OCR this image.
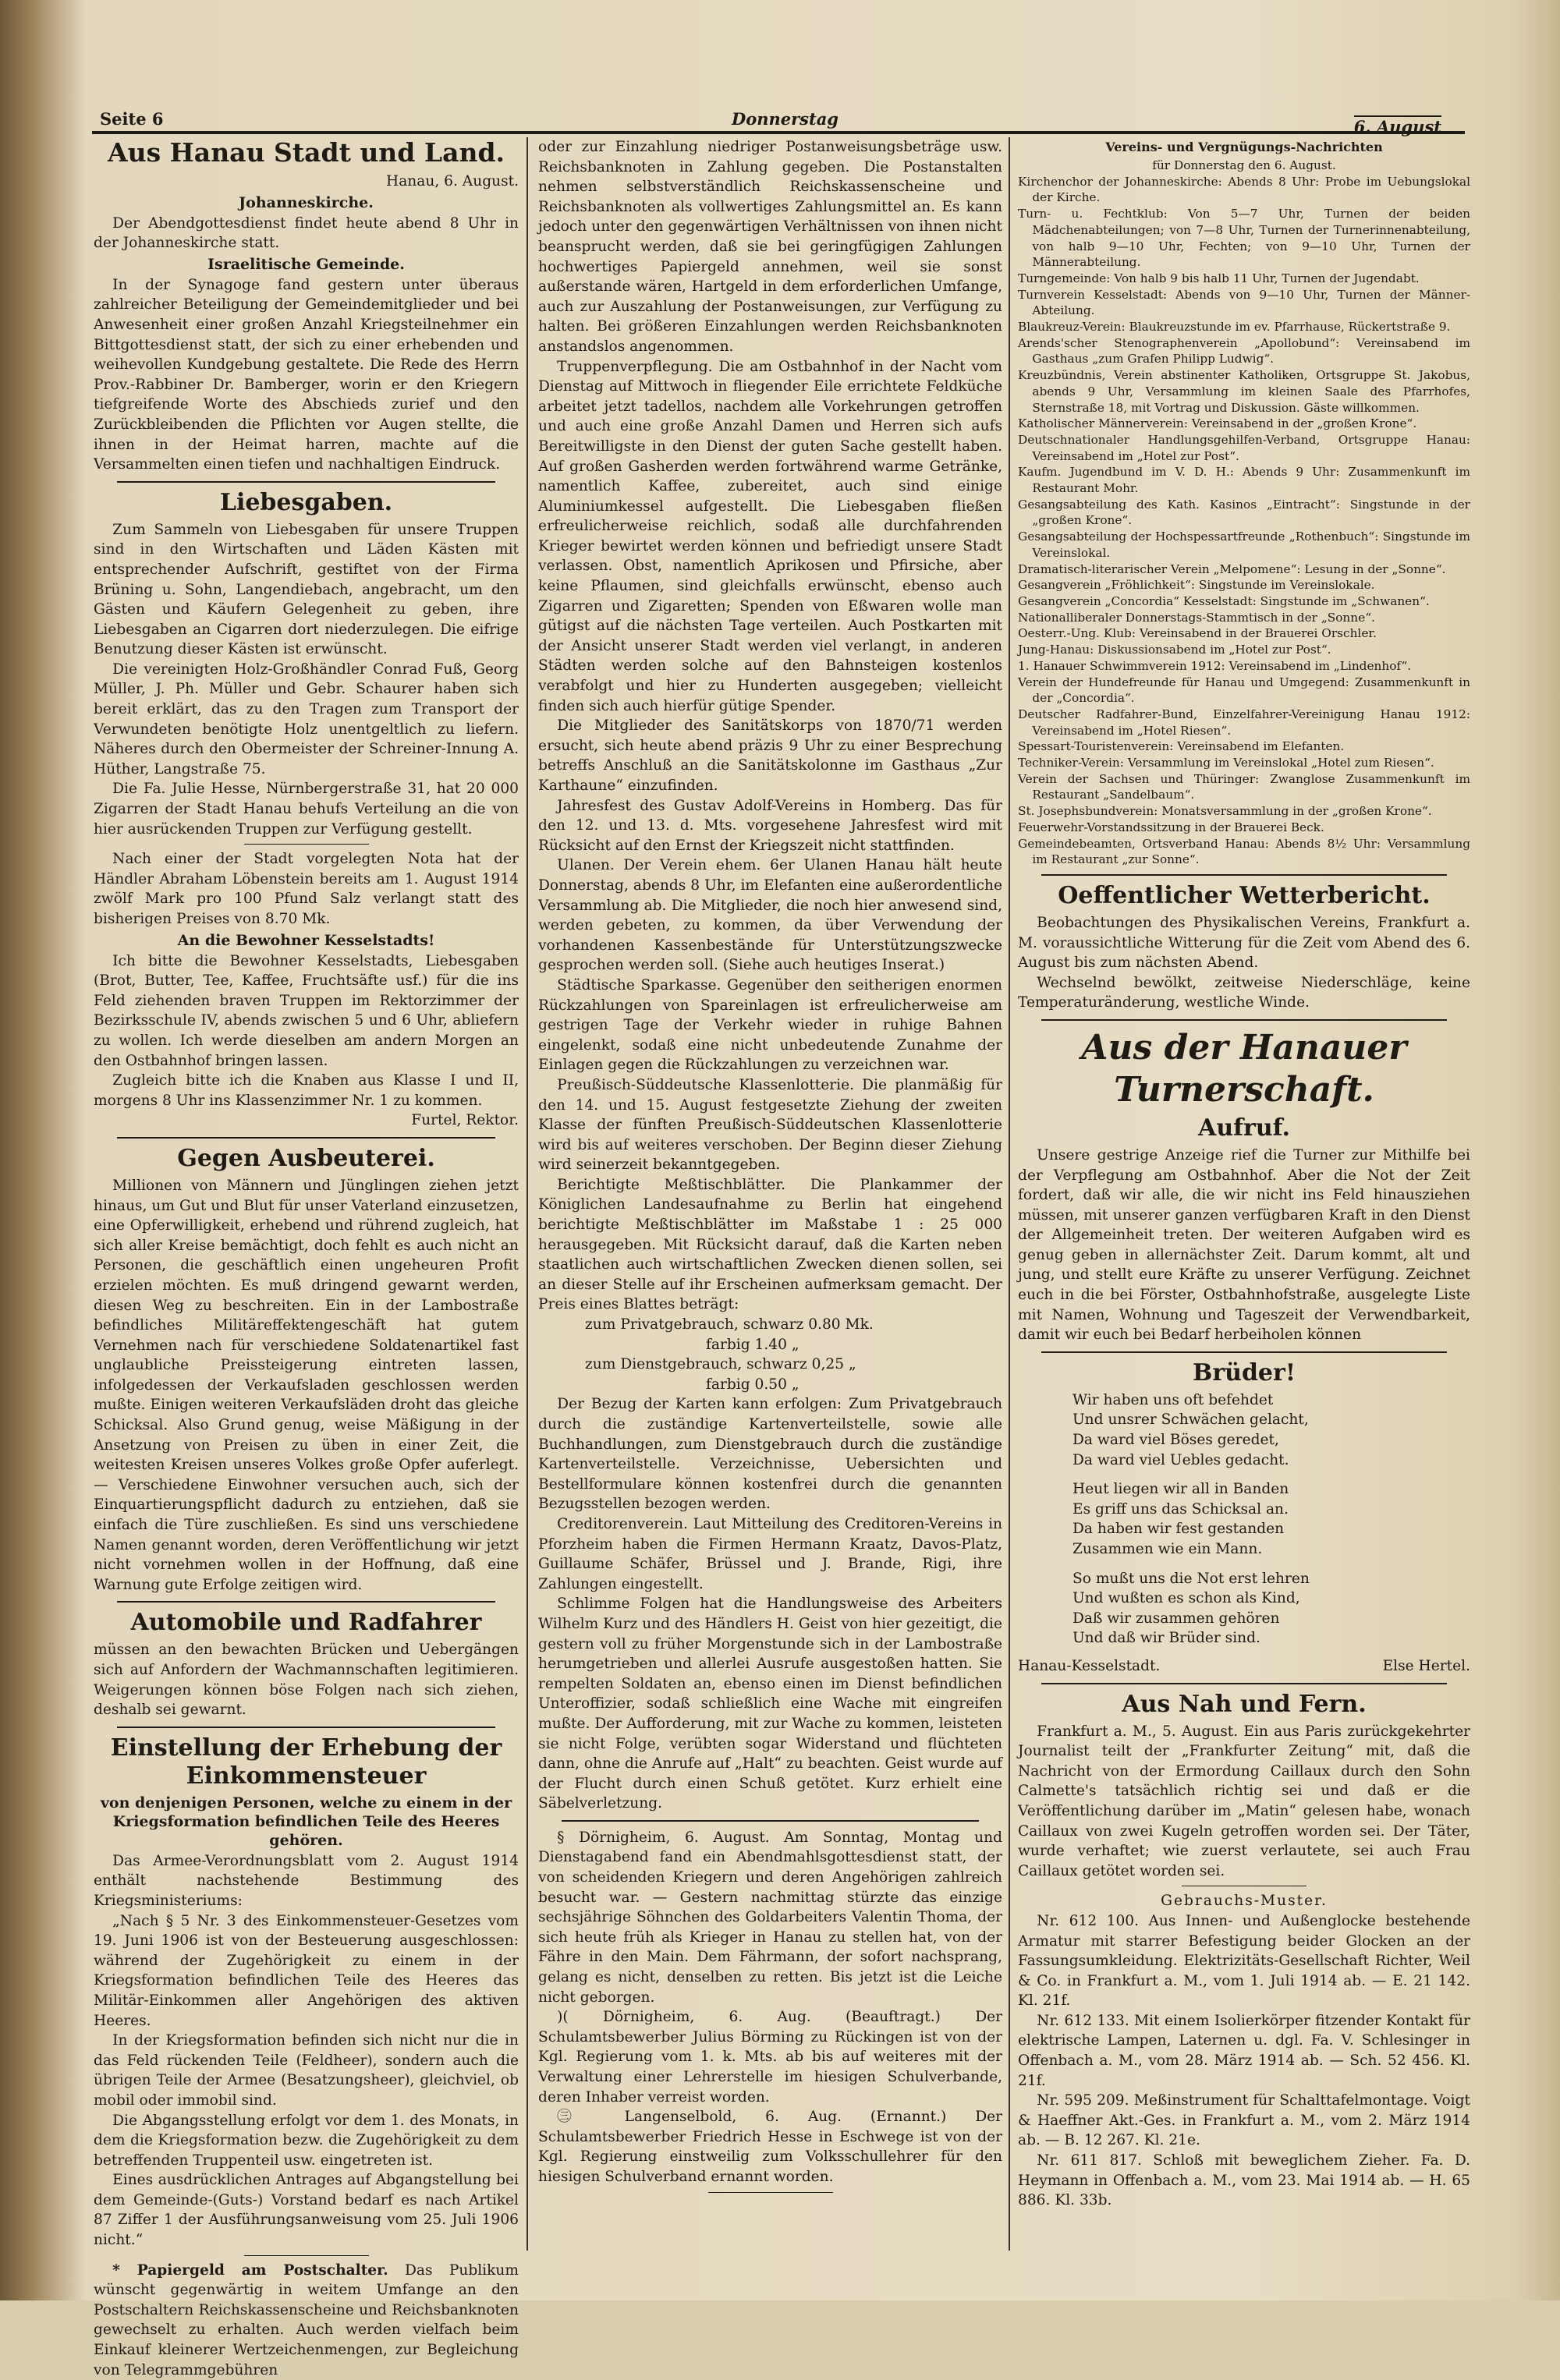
Seite 6	Donnerstag	6. August
Aus Hanau Stadt und Land.

Hanau, 6. August.

Johanneskirche.

Der Abendgottesdienst findet heute abend 8 Uhr in der Johanneskirche statt.

Israelitische Gemeinde.

In der Synagoge fand gestern unter überaus zahlreicher Beteiligung der Gemeindemitglieder und bei Anwesenheit einer großen Anzahl Kriegsteilnehmer ein Bittgottesdienst statt, der sich zu einer erhebenden und weihevollen Kundgebung gestaltete. Die Rede des Herrn Prov.-Rabbiner Dr. Bamberger, worin er den Kriegern tiefgreifende Worte des Abschieds zurief und den Zurückbleibenden die Pflichten vor Augen stellte, die ihnen in der Heimat harren, machte auf die Versammelten einen tiefen und nachhaltigen Eindruck.

Liebesgaben.

Zum Sammeln von Liebesgaben für unsere Truppen sind in den Wirtschaften und Läden Kästen mit entsprechender Aufschrift, gestiftet von der Firma Brüning u. Sohn, Langendiebach, angebracht, um den Gästen und Käufern Gelegenheit zu geben, ihre Liebesgaben an Cigarren dort niederzulegen. Die eifrige Benutzung dieser Kästen ist erwünscht.

Die vereinigten Holz-Großhändler Conrad Fuß, Georg Müller, J. Ph. Müller und Gebr. Schaurer haben sich bereit erklärt, das zu den Tragen zum Transport der Verwundeten benötigte Holz unentgeltlich zu liefern. Näheres durch den Obermeister der Schreiner-Innung A. Hüther, Langstraße 75.

Die Fa. Julie Hesse, Nürnbergerstraße 31, hat 20 000 Zigarren der Stadt Hanau behufs Verteilung an die von hier ausrückenden Truppen zur Verfügung gestellt.

Nach einer der Stadt vorgelegten Nota hat der Händler Abraham Löbenstein bereits am 1. August 1914 zwölf Mark pro 100 Pfund Salz verlangt statt des bisherigen Preises von 8.70 Mk.

An die Bewohner Kesselstadts!

Ich bitte die Bewohner Kesselstadts, Liebesgaben (Brot, Butter, Tee, Kaffee, Fruchtsäfte usf.) für die ins Feld ziehenden braven Truppen im Rektorzimmer der Bezirksschule IV, abends zwischen 5 und 6 Uhr, abliefern zu wollen. Ich werde dieselben am andern Morgen an den Ostbahnhof bringen lassen.

Zugleich bitte ich die Knaben aus Klasse I und II, morgens 8 Uhr ins Klassenzimmer Nr. 1 zu kommen.

Furtel, Rektor.

Gegen Ausbeuterei.

Millionen von Männern und Jünglingen ziehen jetzt hinaus, um Gut und Blut für unser Vaterland einzusetzen, eine Opferwilligkeit, erhebend und rührend zugleich, hat sich aller Kreise bemächtigt, doch fehlt es auch nicht an Personen, die geschäftlich einen ungeheuren Profit erzielen möchten. Es muß dringend gewarnt werden, diesen Weg zu beschreiten. Ein in der Lambostraße befindliches Militäreffektengeschäft hat gutem Vernehmen nach für verschiedene Soldatenartikel fast unglaubliche Preissteigerung eintreten lassen, infolgedessen der Verkaufsladen geschlossen werden mußte. Einigen weiteren Verkaufsläden droht das gleiche Schicksal. Also Grund genug, weise Mäßigung in der Ansetzung von Preisen zu üben in einer Zeit, die weitesten Kreisen unseres Volkes große Opfer auferlegt. — Verschiedene Einwohner versuchen auch, sich der Einquartierungspflicht dadurch zu entziehen, daß sie einfach die Türe zuschließen. Es sind uns verschiedene Namen genannt worden, deren Veröffentlichung wir jetzt nicht vornehmen wollen in der Hoffnung, daß eine Warnung gute Erfolge zeitigen wird.

Automobile und Radfahrer

müssen an den bewachten Brücken und Uebergängen sich auf Anfordern der Wachmannschaften legitimieren. Weigerungen können böse Folgen nach sich ziehen, deshalb sei gewarnt.

Einstellung der Erhebung der Einkommensteuer
von denjenigen Personen, welche zu einem in der Kriegsformation befindlichen Teile des Heeres gehören.

Das Armee-Verordnungsblatt vom 2. August 1914 enthält nachstehende Bestimmung des Kriegsministeriums:

„Nach § 5 Nr. 3 des Einkommensteuer-Gesetzes vom 19. Juni 1906 ist von der Besteuerung ausgeschlossen: während der Zugehörigkeit zu einem in der Kriegsformation befindlichen Teile des Heeres das Militär-Einkommen aller Angehörigen des aktiven Heeres.

In der Kriegsformation befinden sich nicht nur die in das Feld rückenden Teile (Feldheer), sondern auch die übrigen Teile der Armee (Besatzungsheer), gleichviel, ob mobil oder immobil sind.

Die Abgangsstellung erfolgt vor dem 1. des Monats, in dem die Kriegsformation bezw. die Zugehörigkeit zu dem betreffenden Truppenteil usw. eingetreten ist.

Eines ausdrücklichen Antrages auf Abgangstellung bei dem Gemeinde-(Guts-) Vorstand bedarf es nach Artikel 87 Ziffer 1 der Ausführungsanweisung vom 25. Juli 1906 nicht.“

* Papiergeld am Postschalter. Das Publikum wünscht gegenwärtig in weitem Umfange an den Postschaltern Reichskassenscheine und Reichsbanknoten gewechselt zu erhalten. Auch werden vielfach beim Einkauf kleinerer Wertzeichenmengen, zur Begleichung von Telegrammgebühren

oder zur Einzahlung niedriger Postanweisungsbeträge usw. Reichsbanknoten in Zahlung gegeben. Die Postanstalten nehmen selbstverständlich Reichskassenscheine und Reichsbanknoten als vollwertiges Zahlungsmittel an. Es kann jedoch unter den gegenwärtigen Verhältnissen von ihnen nicht beansprucht werden, daß sie bei geringfügigen Zahlungen hochwertiges Papiergeld annehmen, weil sie sonst außerstande wären, Hartgeld in dem erforderlichen Umfange, auch zur Auszahlung der Postanweisungen, zur Verfügung zu halten. Bei größeren Einzahlungen werden Reichsbanknoten anstandslos angenommen.

Truppenverpflegung. Die am Ostbahnhof in der Nacht vom Dienstag auf Mittwoch in fliegender Eile errichtete Feldküche arbeitet jetzt tadellos, nachdem alle Vorkehrungen getroffen und auch eine große Anzahl Damen und Herren sich aufs Bereitwilligste in den Dienst der guten Sache gestellt haben. Auf großen Gasherden werden fortwährend warme Getränke, namentlich Kaffee, zubereitet, auch sind einige Aluminiumkessel aufgestellt. Die Liebesgaben fließen erfreulicherweise reichlich, sodaß alle durchfahrenden Krieger bewirtet werden können und befriedigt unsere Stadt verlassen. Obst, namentlich Aprikosen und Pfirsiche, aber keine Pflaumen, sind gleichfalls erwünscht, ebenso auch Zigarren und Zigaretten; Spenden von Eßwaren wolle man gütigst auf die nächsten Tage verteilen. Auch Postkarten mit der Ansicht unserer Stadt werden viel verlangt, in anderen Städten werden solche auf den Bahnsteigen kostenlos verabfolgt und hier zu Hunderten ausgegeben; vielleicht finden sich auch hierfür gütige Spender.

Die Mitglieder des Sanitätskorps von 1870/71 werden ersucht, sich heute abend präzis 9 Uhr zu einer Besprechung betreffs Anschluß an die Sanitätskolonne im Gasthaus „Zur Karthaune“ einzufinden.

Jahresfest des Gustav Adolf-Vereins in Homberg. Das für den 12. und 13. d. Mts. vorgesehene Jahresfest wird mit Rücksicht auf den Ernst der Kriegszeit nicht stattfinden.

Ulanen. Der Verein ehem. 6er Ulanen Hanau hält heute Donnerstag, abends 8 Uhr, im Elefanten eine außerordentliche Versammlung ab. Die Mitglieder, die noch hier anwesend sind, werden gebeten, zu kommen, da über Verwendung der vorhandenen Kassenbestände für Unterstützungszwecke gesprochen werden soll. (Siehe auch heutiges Inserat.)

Städtische Sparkasse. Gegenüber den seitherigen enormen Rückzahlungen von Spareinlagen ist erfreulicherweise am gestrigen Tage der Verkehr wieder in ruhige Bahnen eingelenkt, sodaß eine nicht unbedeutende Zunahme der Einlagen gegen die Rückzahlungen zu verzeichnen war.

Preußisch-Süddeutsche Klassenlotterie. Die planmäßig für den 14. und 15. August festgesetzte Ziehung der zweiten Klasse der fünften Preußisch-Süddeutschen Klassenlotterie wird bis auf weiteres verschoben. Der Beginn dieser Ziehung wird seinerzeit bekanntgegeben.

Berichtigte Meßtischblätter. Die Plankammer der Königlichen Landesaufnahme zu Berlin hat eingehend berichtigte Meßtischblätter im Maßstabe 1 : 25 000 herausgegeben. Mit Rücksicht darauf, daß die Karten neben staatlichen auch wirtschaftlichen Zwecken dienen sollen, sei an dieser Stelle auf ihr Erscheinen aufmerksam gemacht. Der Preis eines Blattes beträgt:

zum Privatgebrauch, schwarz 0.80 Mk.

farbig 1.40 „

zum Dienstgebrauch, schwarz 0,25 „

farbig 0.50 „

Der Bezug der Karten kann erfolgen: Zum Privatgebrauch durch die zuständige Kartenverteilstelle, sowie alle Buchhandlungen, zum Dienstgebrauch durch die zuständige Kartenverteilstelle. Verzeichnisse, Uebersichten und Bestellformulare können kostenfrei durch die genannten Bezugsstellen bezogen werden.

Creditorenverein. Laut Mitteilung des Creditoren-Vereins in Pforzheim haben die Firmen Hermann Kraatz, Davos-Platz, Guillaume Schäfer, Brüssel und J. Brande, Rigi, ihre Zahlungen eingestellt.

Schlimme Folgen hat die Handlungsweise des Arbeiters Wilhelm Kurz und des Händlers H. Geist von hier gezeitigt, die gestern voll zu früher Morgenstunde sich in der Lambostraße herumgetrieben und allerlei Ausrufe ausgestoßen hatten. Sie rempelten Soldaten an, ebenso einen im Dienst befindlichen Unteroffizier, sodaß schließlich eine Wache mit eingreifen mußte. Der Aufforderung, mit zur Wache zu kommen, leisteten sie nicht Folge, verübten sogar Widerstand und flüchteten dann, ohne die Anrufe auf „Halt“ zu beachten. Geist wurde auf der Flucht durch einen Schuß getötet. Kurz erhielt eine Säbelverletzung.

§ Dörnigheim, 6. August. Am Sonntag, Montag und Dienstagabend fand ein Abendmahlsgottesdienst statt, der von scheidenden Kriegern und deren Angehörigen zahlreich besucht war. — Gestern nachmittag stürzte das einzige sechsjährige Söhnchen des Goldarbeiters Valentin Thoma, der sich heute früh als Krieger in Hanau zu stellen hat, von der Fähre in den Main. Dem Fährmann, der sofort nachsprang, gelang es nicht, denselben zu retten. Bis jetzt ist die Leiche nicht geborgen.

)( Dörnigheim, 6. Aug. (Beauftragt.) Der Schulamtsbewerber Julius Börming zu Rückingen ist von der Kgl. Regierung vom 1. k. Mts. ab bis auf weiteres mit der Verwaltung einer Lehrerstelle im hiesigen Schulverbande, deren Inhaber verreist worden.

㊂ Langenselbold, 6. Aug. (Ernannt.) Der Schulamtsbewerber Friedrich Hesse in Eschwege ist von der Kgl. Regierung einstweilig zum Volksschullehrer für den hiesigen Schulverband ernannt worden.

Vereins- und Vergnügungs-Nachrichten
für Donnerstag den 6. August.

Kirchenchor der Johanneskirche: Abends 8 Uhr: Probe im Uebungslokal der Kirche.

Turn- u. Fechtklub: Von 5—7 Uhr, Turnen der beiden Mädchenabteilungen; von 7—8 Uhr, Turnen der Turnerinnenabteilung, von halb 9—10 Uhr, Fechten; von 9—10 Uhr, Turnen der Männerabteilung.

Turngemeinde: Von halb 9 bis halb 11 Uhr, Turnen der Jugendabt.

Turnverein Kesselstadt: Abends von 9—10 Uhr, Turnen der Männer-Abteilung.

Blaukreuz-Verein: Blaukreuzstunde im ev. Pfarrhause, Rückertstraße 9.

Arends'scher Stenographenverein „Apollobund“: Vereinsabend im Gasthaus „zum Grafen Philipp Ludwig“.

Kreuzbündnis, Verein abstinenter Katholiken, Ortsgruppe St. Jakobus, abends 9 Uhr, Versammlung im kleinen Saale des Pfarrhofes, Sternstraße 18, mit Vortrag und Diskussion. Gäste willkommen.

Katholischer Männerverein: Vereinsabend in der „großen Krone“.

Deutschnationaler Handlungsgehilfen-Verband, Ortsgruppe Hanau: Vereinsabend im „Hotel zur Post“.

Kaufm. Jugendbund im V. D. H.: Abends 9 Uhr: Zusammenkunft im Restaurant Mohr.

Gesangsabteilung des Kath. Kasinos „Eintracht“: Singstunde in der „großen Krone“.

Gesangsabteilung der Hochspessartfreunde „Rothenbuch“: Singstunde im Vereinslokal.

Dramatisch-literarischer Verein „Melpomene“: Lesung in der „Sonne“.

Gesangverein „Fröhlichkeit“: Singstunde im Vereinslokale.

Gesangverein „Concordia“ Kesselstadt: Singstunde im „Schwanen“.

Nationalliberaler Donnerstags-Stammtisch in der „Sonne“.

Oesterr.-Ung. Klub: Vereinsabend in der Brauerei Orschler.

Jung-Hanau: Diskussionsabend im „Hotel zur Post“.

1. Hanauer Schwimmverein 1912: Vereinsabend im „Lindenhof“.

Verein der Hundefreunde für Hanau und Umgegend: Zusammenkunft in der „Concordia“.

Deutscher Radfahrer-Bund, Einzelfahrer-Vereinigung Hanau 1912: Vereinsabend im „Hotel Riesen“.

Spessart-Touristenverein: Vereinsabend im Elefanten.

Techniker-Verein: Versammlung im Vereinslokal „Hotel zum Riesen“.

Verein der Sachsen und Thüringer: Zwanglose Zusammenkunft im Restaurant „Sandelbaum“.

St. Josephsbundverein: Monatsversammlung in der „großen Krone“.

Feuerwehr-Vorstandssitzung in der Brauerei Beck.

Gemeindebeamten, Ortsverband Hanau: Abends 8½ Uhr: Versammlung im Restaurant „zur Sonne“.

Oeffentlicher Wetterbericht.

Beobachtungen des Physikalischen Vereins, Frankfurt a. M. voraussichtliche Witterung für die Zeit vom Abend des 6. August bis zum nächsten Abend.

Wechselnd bewölkt, zeitweise Niederschläge, keine Temperaturänderung, westliche Winde.

Aus der Hanauer Turnerschaft.
Aufruf.

Unsere gestrige Anzeige rief die Turner zur Mithilfe bei der Verpflegung am Ostbahnhof. Aber die Not der Zeit fordert, daß wir alle, die wir nicht ins Feld hinausziehen müssen, mit unserer ganzen verfügbaren Kraft in den Dienst der Allgemeinheit treten. Der weiteren Aufgaben wird es genug geben in allernächster Zeit. Darum kommt, alt und jung, und stellt eure Kräfte zu unserer Verfügung. Zeichnet euch in die bei Förster, Ostbahnhofstraße, ausgelegte Liste mit Namen, Wohnung und Tageszeit der Verwendbarkeit, damit wir euch bei Bedarf herbeiholen können

Brüder!
Wir haben uns oft befehdet
Und unsrer Schwächen gelacht,
Da ward viel Böses geredet,
Da ward viel Uebles gedacht.
Heut liegen wir all in Banden
Es griff uns das Schicksal an.
Da haben wir fest gestanden
Zusammen wie ein Mann.
So mußt uns die Not erst lehren
Und wußten es schon als Kind,
Daß wir zusammen gehören
Und daß wir Brüder sind.

Hanau-Kesselstadt.	Else Hertel.

Aus Nah und Fern.

Frankfurt a. M., 5. August. Ein aus Paris zurückgekehrter Journalist teilt der „Frankfurter Zeitung“ mit, daß die Nachricht von der Ermordung Caillaux durch den Sohn Calmette's tatsächlich richtig sei und daß er die Veröffentlichung darüber im „Matin“ gelesen habe, wonach Caillaux von zwei Kugeln getroffen worden sei. Der Täter, wurde verhaftet; wie zuerst verlautete, sei auch Frau Caillaux getötet worden sei.

Gebrauchs-Muster.

Nr. 612 100. Aus Innen- und Außenglocke bestehende Armatur mit starrer Befestigung beider Glocken an der Fassungsumkleidung. Elektrizitäts-Gesellschaft Richter, Weil & Co. in Frankfurt a. M., vom 1. Juli 1914 ab. — E. 21 142. Kl. 21f.

Nr. 612 133. Mit einem Isolierkörper fitzender Kontakt für elektrische Lampen, Laternen u. dgl. Fa. V. Schlesinger in Offenbach a. M., vom 28. März 1914 ab. — Sch. 52 456. Kl. 21f.

Nr. 595 209. Meßinstrument für Schalttafelmontage. Voigt & Haeffner Akt.-Ges. in Frankfurt a. M., vom 2. März 1914 ab. — B. 12 267. Kl. 21e.

Nr. 611 817. Schloß mit beweglichem Zieher. Fa. D. Heymann in Offenbach a. M., vom 23. Mai 1914 ab. — H. 65 886. Kl. 33b.
